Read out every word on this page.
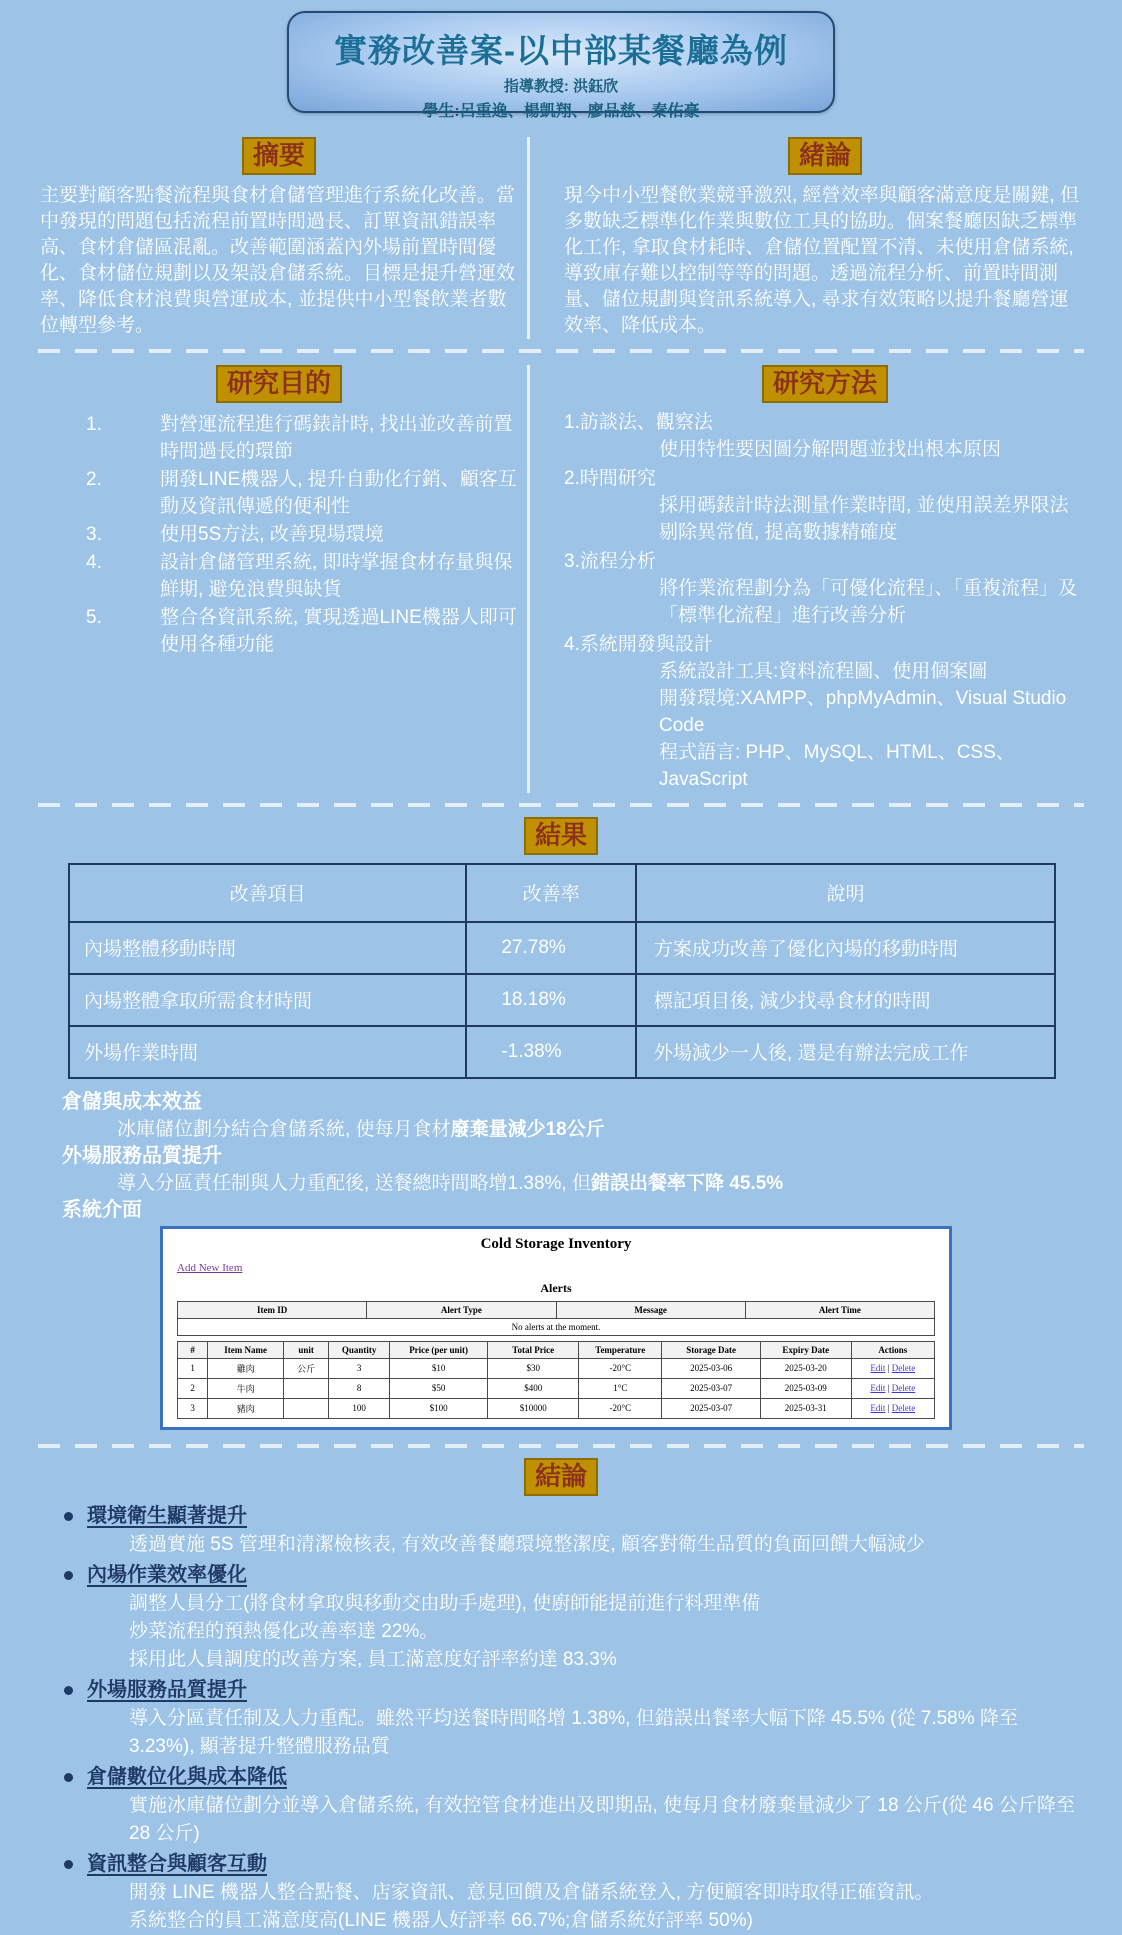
實務改善案-以中部某餐廳為例
指導教授: 洪鈺欣
學生:呂重逸、楊凱翔、廖品慈、秦佑豪
摘要
主要對顧客點餐流程與食材倉儲管理進行系統化改善。當中發現的問題包括流程前置時間過長、訂單資訊錯誤率高、食材倉儲區混亂。改善範圍涵蓋內外場前置時間優化、食材儲位規劃以及架設倉儲系統。目標是提升營運效率、降低食材浪費與營運成本, 並提供中小型餐飲業者數位轉型參考。
緒論
現今中小型餐飲業競爭激烈, 經營效率與顧客滿意度是關鍵, 但多數缺乏標準化作業與數位工具的協助。個案餐廳因缺乏標準化工作, 拿取食材耗時、倉儲位置配置不清、未使用倉儲系統, 導致庫存難以控制等等的問題。透過流程分析、前置時間測量、儲位規劃與資訊系統導入, 尋求有效策略以提升餐廳營運效率、降低成本。
研究目的
1.	對營運流程進行碼錶計時, 找出並改善前置時間過長的環節
2.	開發LINE機器人, 提升自動化行銷、顧客互動及資訊傳遞的便利性
3.	使用5S方法, 改善現場環境
4.	設計倉儲管理系統, 即時掌握食材存量與保鮮期, 避免浪費與缺貨
5.	整合各資訊系統, 實現透過LINE機器人即可使用各種功能
研究方法
1.訪談法、觀察法
使用特性要因圖分解問題並找出根本原因
2.時間研究
採用碼錶計時法測量作業時間, 並使用誤差界限法剔除異常值, 提高數據精確度
3.流程分析
將作業流程劃分為「可優化流程」、「重複流程」及「標準化流程」進行改善分析
4.系統開發與設計
系統設計工具:資料流程圖、使用個案圖
開發環境:XAMPP、phpMyAdmin、Visual Studio Code
程式語言: PHP、MySQL、HTML、CSS、JavaScript
結果
改善項目	改善率	說明
內場整體移動時間	27.78%	方案成功改善了優化內場的移動時間
內場整體拿取所需食材時間	18.18%	標記項目後, 減少找尋食材的時間
外場作業時間	-1.38%	外場減少一人後, 還是有辦法完成工作
倉儲與成本效益
冰庫儲位劃分結合倉儲系統, 使每月食材廢棄量減少18公斤
外場服務品質提升
導入分區責任制與人力重配後, 送餐總時間略增1.38%, 但錯誤出餐率下降 45.5%
系統介面
Cold Storage Inventory
Add New Item
Alerts
Item ID	Alert Type	Message	Alert Time
No alerts at the moment.
#	Item Name	unit	Quantity	Price (per unit)	Total Price	Temperature	Storage Date	Expiry Date	Actions
1	雞肉	公斤	3	$10	$30	-20°C	2025-03-06	2025-03-20	Edit | Delete
2	牛肉		8	$50	$400	1°C	2025-03-07	2025-03-09	Edit | Delete
3	豬肉		100	$100	$10000	-20°C	2025-03-07	2025-03-31	Edit | Delete
結論
環境衛生顯著提升
透過實施 5S 管理和清潔檢核表, 有效改善餐廳環境整潔度, 顧客對衛生品質的負面回饋大幅減少
內場作業效率優化
調整人員分工(將食材拿取與移動交由助手處理), 使廚師能提前進行料理準備
炒菜流程的預熱優化改善率達 22%。
採用此人員調度的改善方案, 員工滿意度好評率約達 83.3%
外場服務品質提升
導入分區責任制及人力重配。雖然平均送餐時間略增 1.38%, 但錯誤出餐率大幅下降 45.5% (從 7.58% 降至 3.23%), 顯著提升整體服務品質
倉儲數位化與成本降低
實施冰庫儲位劃分並導入倉儲系統, 有效控管食材進出及即期品, 使每月食材廢棄量減少了 18 公斤(從 46 公斤降至 28 公斤)
資訊整合與顧客互動
開發 LINE 機器人整合點餐、店家資訊、意見回饋及倉儲系統登入, 方便顧客即時取得正確資訊。
系統整合的員工滿意度高(LINE 機器人好評率 66.7%;倉儲系統好評率 50%)
